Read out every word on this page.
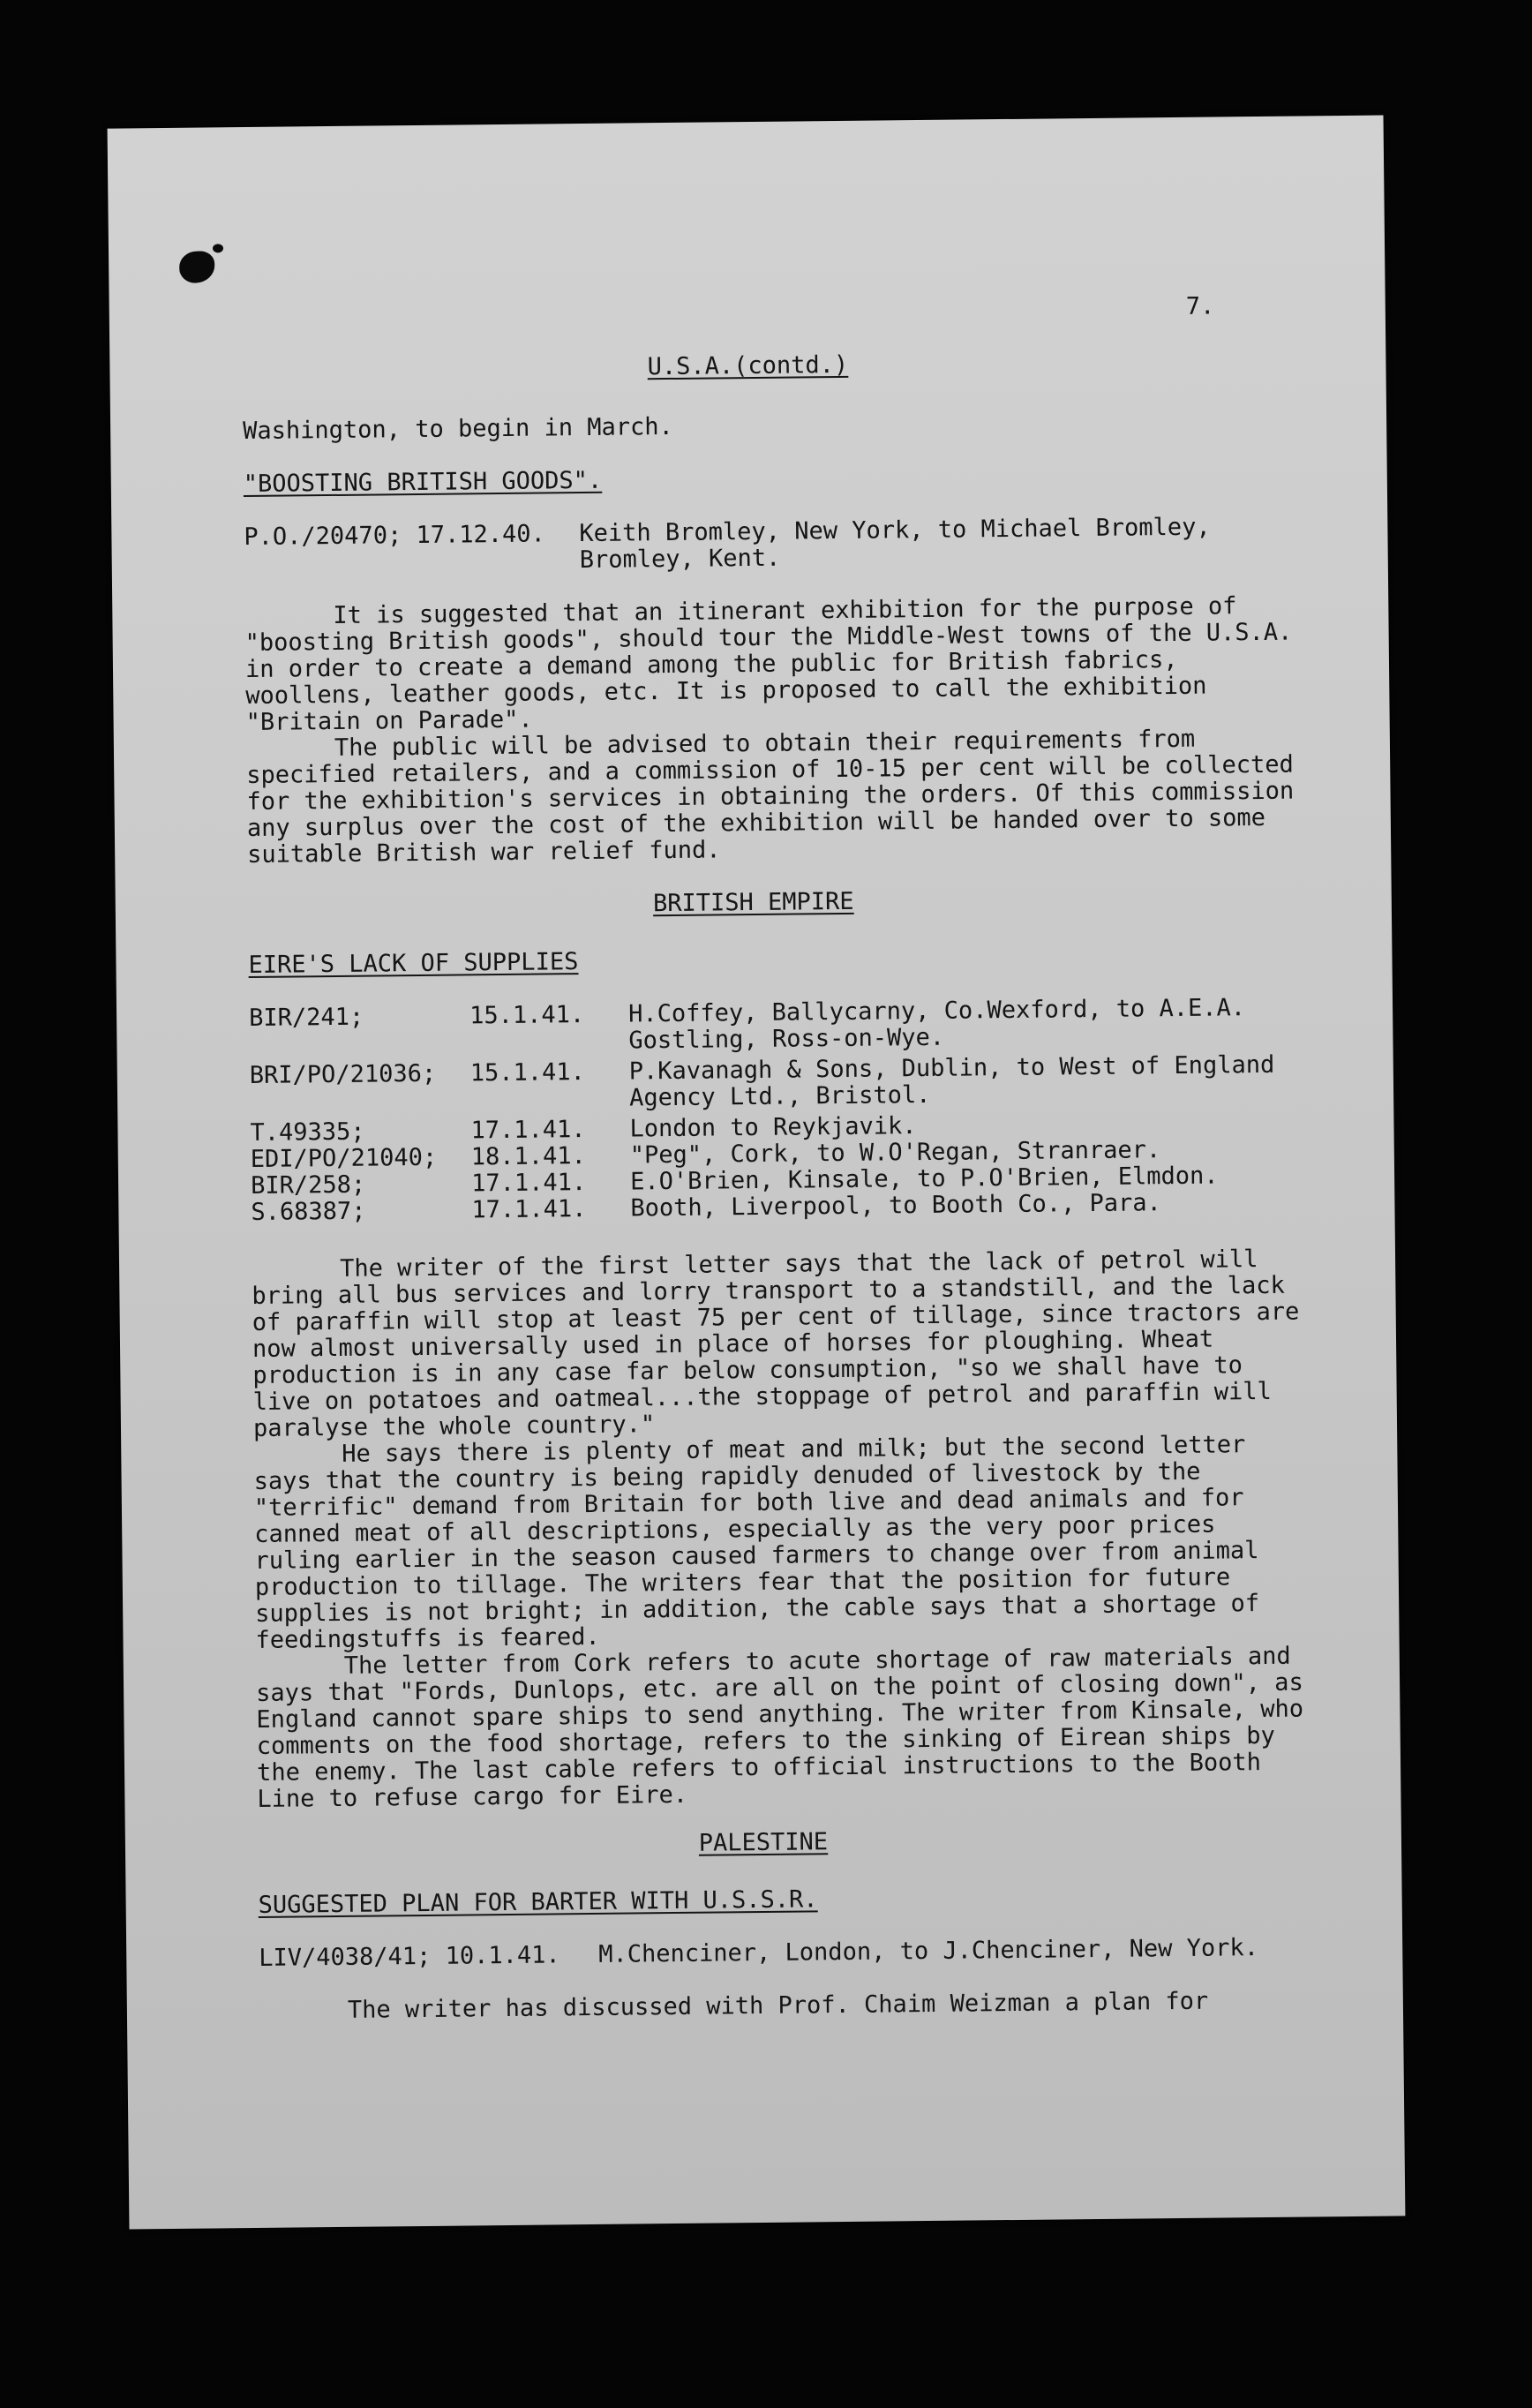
7.
U.S.A.(contd.)
Washington, to begin in March.
"BOOSTING BRITISH GOODS".
P.O./20470; 17.12.40. Keith Bromley, New York, to Michael Bromley,
Bromley, Kent.
It is suggested that an itinerant exhibition for the purpose of "boosting British goods", should tour the Middle-West towns of the U.S.A. in order to create a demand among the public for British fabrics, woollens, leather goods, etc. It is proposed to call the exhibition "Britain on Parade".
The public will be advised to obtain their requirements from specified retailers, and a commission of 10-15 per cent will be collected for the exhibition's services in obtaining the orders. Of this commission any surplus over the cost of the exhibition will be handed over to some suitable British war relief fund.
BRITISH EMPIRE
EIRE'S LACK OF SUPPLIES
BIR/241;	15.1.41. H.Coffey, Ballycarny, Co.Wexford, to A.E.A. Gostling, Ross-on-Wye.
BRI/PO/21036; 15.1.41. P.Kavanagh & Sons, Dublin, to West of England Agency Ltd., Bristol.
T.49335;	17.1.41. London to Reykjavik.
EDI/PO/21040; 18.1.41. "Peg", Cork, to W.O'Regan, Stranraer.
BIR/258;	17.1.41. E.O'Brien, Kinsale, to P.O'Brien, Elmdon.
S.68387;	17.1.41. Booth, Liverpool, to Booth Co., Para.
The writer of the first letter says that the lack of petrol will bring all bus services and lorry transport to a standstill, and the lack of paraffin will stop at least 75 per cent of tillage, since tractors are now almost universally used in place of horses for ploughing. Wheat production is in any case far below consumption, "so we shall have to live on potatoes and oatmeal...the stoppage of petrol and paraffin will paralyse the whole country."
He says there is plenty of meat and milk; but the second letter says that the country is being rapidly denuded of livestock by the "terrific" demand from Britain for both live and dead animals and for canned meat of all descriptions, especially as the very poor prices ruling earlier in the season caused farmers to change over from animal production to tillage. The writers fear that the position for future supplies is not bright; in addition, the cable says that a shortage of feedingstuffs is feared.
The letter from Cork refers to acute shortage of raw materials and says that "Fords, Dunlops, etc. are all on the point of closing down", as England cannot spare ships to send anything. The writer from Kinsale, who comments on the food shortage, refers to the sinking of Eirean ships by the enemy. The last cable refers to official instructions to the Booth Line to refuse cargo for Eire.
PALESTINE
SUGGESTED PLAN FOR BARTER WITH U.S.S.R.
LIV/4038/41; 10.1.41. M.Chenciner, London, to J.Chenciner, New York.
The writer has discussed with Prof. Chaim Weizman a plan for
